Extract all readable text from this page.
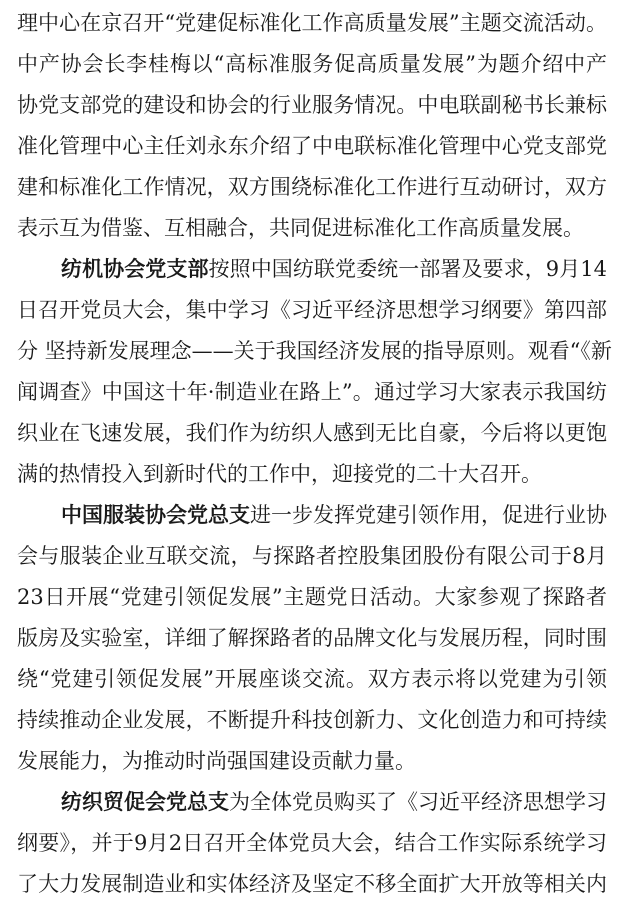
理中心在京召开“党建促标准化工作高质量发展”主题交流活动。
中产协会长李桂梅以“高标准服务促高质量发展”为题介绍中产
协党支部党的建设和协会的行业服务情况。中电联副秘书长兼标
准化管理中心主任刘永东介绍了中电联标准化管理中心党支部党
建和标准化工作情况，双方围绕标准化工作进行互动研讨，双方
表示互为借鉴、互相融合，共同促进标准化工作高质量发展。
纺机协会党支部按照中国纺联党委统一部署及要求，9月14
日召开党员大会，集中学习《习近平经济思想学习纲要》第四部
分 坚持新发展理念——关于我国经济发展的指导原则。观看“《新
闻调查》中国这十年·制造业在路上”。通过学习大家表示我国纺
织业在飞速发展，我们作为纺织人感到无比自豪，今后将以更饱
满的热情投入到新时代的工作中，迎接党的二十大召开。
中国服装协会党总支进一步发挥党建引领作用，促进行业协
会与服装企业互联交流，与探路者控股集团股份有限公司于8月
23日开展“党建引领促发展”主题党日活动。大家参观了探路者
版房及实验室，详细了解探路者的品牌文化与发展历程，同时围
绕“党建引领促发展”开展座谈交流。双方表示将以党建为引领
持续推动企业发展，不断提升科技创新力、文化创造力和可持续
发展能力，为推动时尚强国建设贡献力量。
纺织贸促会党总支为全体党员购买了《习近平经济思想学习
纲要》，并于9月2日召开全体党员大会，结合工作实际系统学习
了大力发展制造业和实体经济及坚定不移全面扩大开放等相关内
